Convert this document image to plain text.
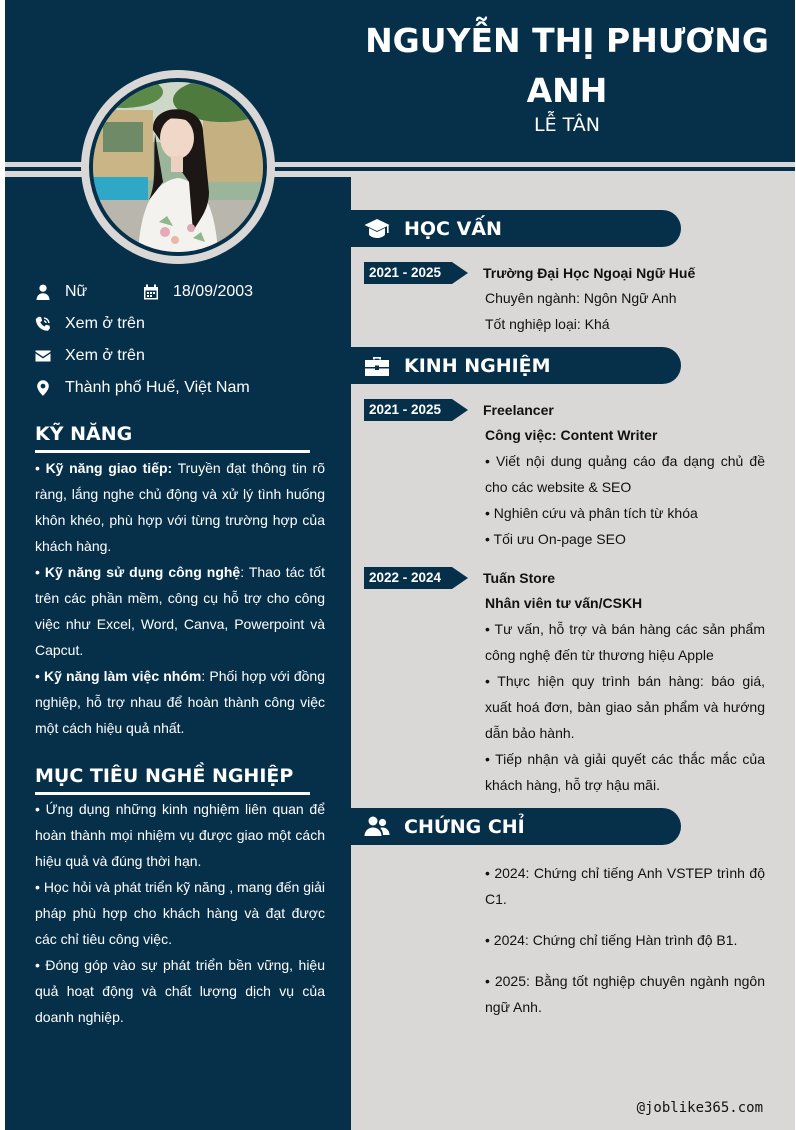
NGUYỄN THỊ PHƯƠNG ANH
LỄ TÂN
Nữ	18/09/2003
Xem ở trên
Xem ở trên
Thành phố Huế, Việt Nam
KỸ NĂNG

• Kỹ năng giao tiếp: Truyền đạt thông tin rõ ràng, lắng nghe chủ động và xử lý tình huống khôn khéo, phù hợp với từng trường hợp của khách hàng.

• Kỹ năng sử dụng công nghệ: Thao tác tốt trên các phần mềm, công cụ hỗ trợ cho công việc như Excel, Word, Canva, Powerpoint và Capcut.

• Kỹ năng làm việc nhóm: Phối hợp với đồng nghiệp, hỗ trợ nhau để hoàn thành công việc một cách hiệu quả nhất.

MỤC TIÊU NGHỀ NGHIỆP

• Ứng dụng những kinh nghiệm liên quan để hoàn thành mọi nhiệm vụ được giao một cách hiệu quả và đúng thời hạn.

• Học hỏi và phát triển kỹ năng , mang đến giải pháp phù hợp cho khách hàng và đạt được các chỉ tiêu công việc.

• Đóng góp vào sự phát triển bền vững, hiệu quả hoạt động và chất lượng dịch vụ của doanh nghiệp.

HỌC VẤN
2021 - 2025	Trường Đại Học Ngoại Ngữ Huế
Chuyên ngành: Ngôn Ngữ Anh
Tốt nghiệp loại: Khá
KINH NGHIỆM
2021 - 2025	Freelancer
Công việc: Content Writer
• Viết nội dung quảng cáo đa dạng chủ đề cho các website & SEO
• Nghiên cứu và phân tích từ khóa
• Tối ưu On-page SEO
2022 - 2024	Tuấn Store
Nhân viên tư vấn/CSKH
• Tư vấn, hỗ trợ và bán hàng các sản phẩm công nghệ đến từ thương hiệu Apple
• Thực hiện quy trình bán hàng: báo giá, xuất hoá đơn, bàn giao sản phẩm và hướng dẫn bảo hành.
• Tiếp nhận và giải quyết các thắc mắc của khách hàng, hỗ trợ hậu mãi.
CHỨNG CHỈ
• 2024: Chứng chỉ tiếng Anh VSTEP trình độ C1.
• 2024: Chứng chỉ tiếng Hàn trình độ B1.
• 2025: Bằng tốt nghiệp chuyên ngành ngôn ngữ Anh.
@joblike365.com
